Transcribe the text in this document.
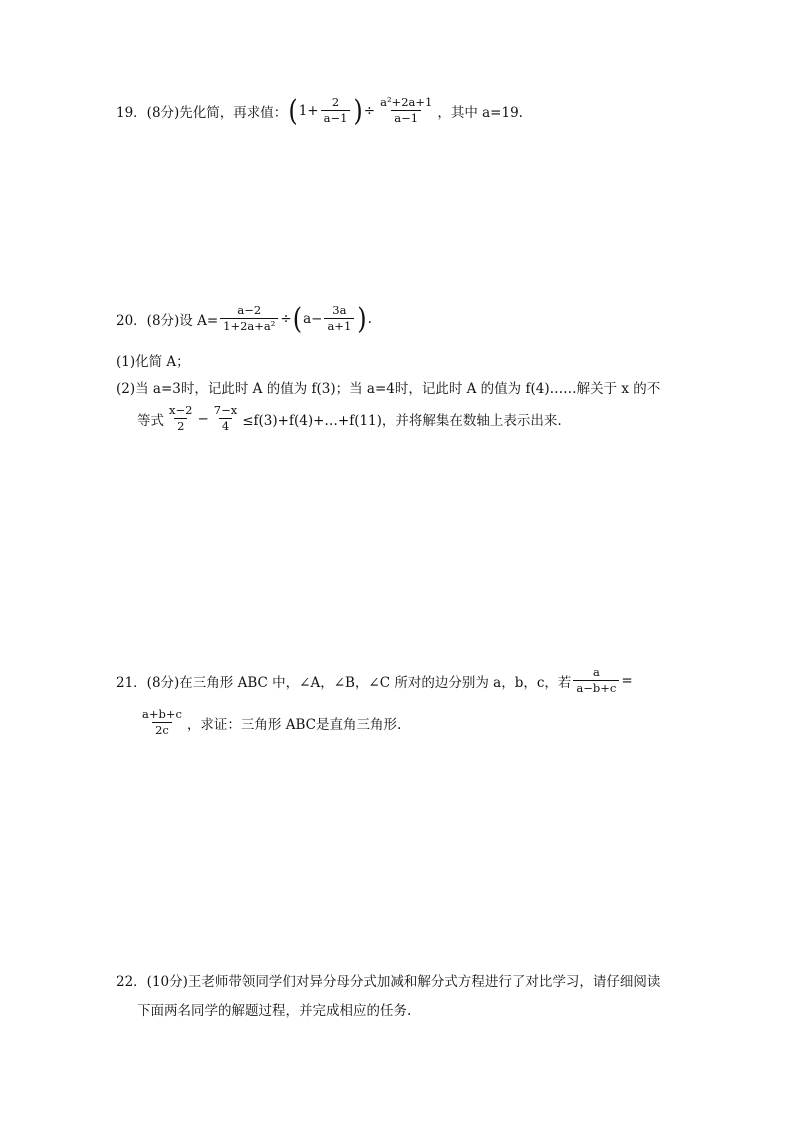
19．(8分)先化简，再求值： ( $1+ \frac{2}{a-1}$ ) ÷ $\frac{\text{a²+2a+1}}{a-1}$ ，其中 a=19.
20．(8分)设 $A= \frac{a-2}{\text{1+2a+a²}}$ ÷ ( $a- \frac{3a}{a+1}$ ) .
(1)化简 A；
(2)当 a=3时，记此时 A 的值为 f(3)；当 a=4时，记此时 A 的值为 f(4)……解关于 x 的不
等式 $\frac{x-2}{2} - \frac{7-x}{4}$ ≤f(3)+f(4)+…+f(11)，并将解集在数轴上表示出来.
21．(8分)在三角形 ABC 中，∠A，∠B，∠C 所对的边分别为 a，b，c，若 $\frac{a}{a-b+c}$ =
$\frac{a+b+c}{2c}$ ，求证：三角形 ABC是直角三角形.
22．(10分)王老师带领同学们对异分母分式加减和解分式方程进行了对比学习，请仔细阅读
下面两名同学的解题过程，并完成相应的任务.
